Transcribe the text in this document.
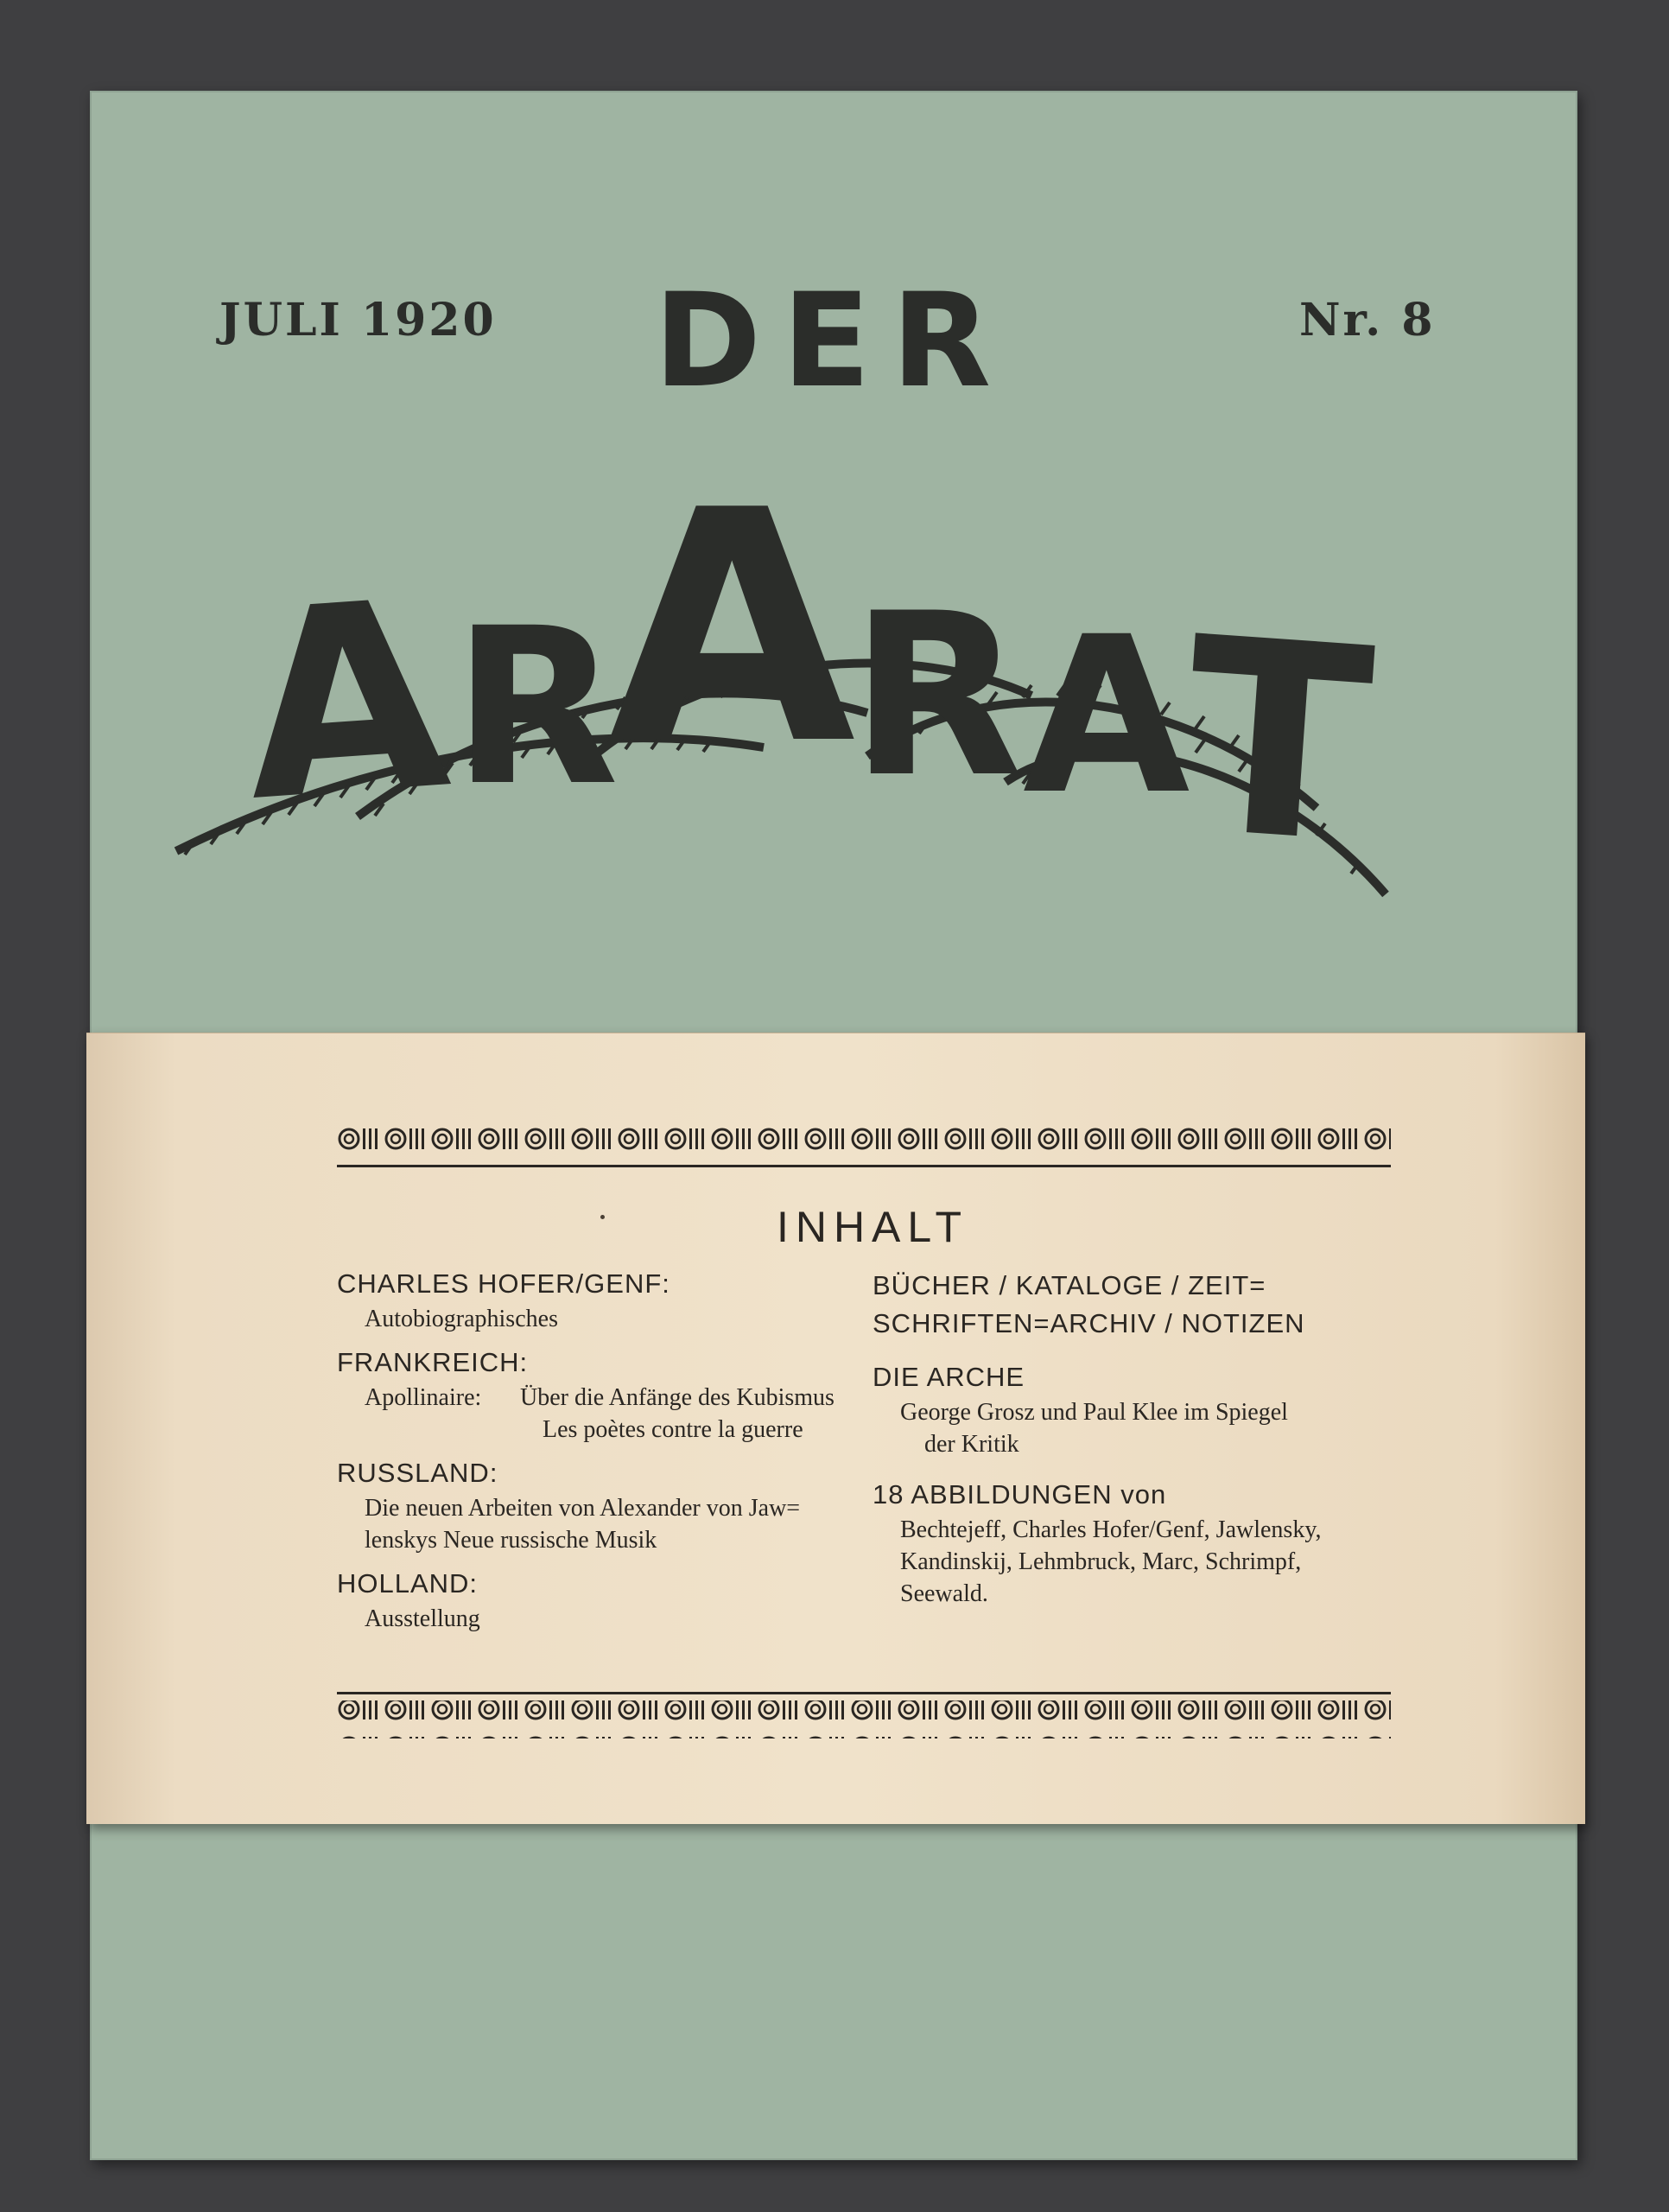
JULI 1920 DER	Nr. 8
A
R
A
R A
T
ARARAT
INHALT
CHARLES HOFER/GENF:
Autobiographisches
FRANKREICH:
Apollinaire:	Über die Anfänge des Kubismus
Les poètes contre la guerre
RUSSLAND:
Die neuen Arbeiten von Alexander von Jaw=
lenskys Neue russische Musik
HOLLAND:
Ausstellung
BÜCHER / KATALOGE / ZEIT=
SCHRIFTEN=ARCHIV / NOTIZEN
DIE ARCHE
George Grosz und Paul Klee im Spiegel
der Kritik
18 ABBILDUNGEN von
Bechtejeff, Charles Hofer/Genf, Jawlensky,
Kandinskij, Lehmbruck, Marc, Schrimpf,
Seewald.
